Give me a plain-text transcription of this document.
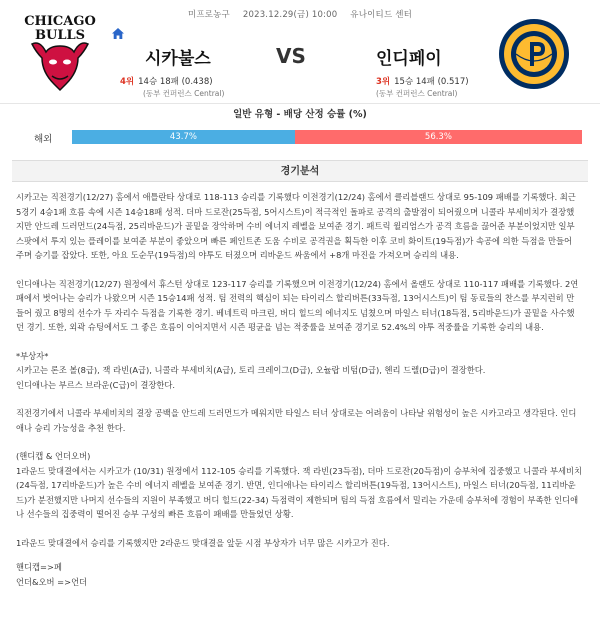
미프로농구 2023.12.29(금) 10:00 유나이티드 센터
CHICAGO
BULLS
시카불스	VS	인디페이
4위 14승 18패 (0.438)
(동부 컨퍼런스 Central)
3위 15승 14패 (0.517)
(동부 컨퍼런스 Central)
일반 유형 - 배당 산정 승률 (%)
해외	43.7%	56.3%
경기분석

시카고는 직전경기(12/27) 홈에서 애틀란타 상대로 118-113 승리를 기록했다 이전경기(12/24) 홈에서 클리블랜드 상대로 95-109 패배를 기록했다. 최근 5경기 4승1패 흐름 속에 시즌 14승18패 성적. 더마 드로잔(25득점, 5어시스트)이 적극적인 돌파로 공격의 출발점이 되어줬으며 니콜라 부세비치가 결장했지만 안드레 드러먼드(24득점, 25리바운드)가 골밑을 장악하며 수비 에너지 레벨을 보여준 경기. 패트릭 윌리엄스가 공격 흐름을 끊어준 부분이었지만 일부 스팟에서 투지 있는 플레이를 보여준 부분이 좋았으며 빠른 페인트존 도움 수비로 공격권을 획득한 이후 코비 화이트(19득점)가 속공에 의한 득점을 만들어 주며 승기를 잡았다. 또한, 아요 도순무(19득점)의 야투도 터졌으며 리바운드 싸움에서 +8개 마진을 가져오며 승리의 내용.

인디애나는 직전경기(12/27) 원정에서 휴스턴 상대로 123-117 승리를 기록했으며 이전경기(12/24) 홈에서 올랜도 상대로 110-117 패배를 기록했다. 2연패에서 벗어나는 승리가 나왔으며 시즌 15승14패 성적. 팀 전력의 핵심이 되는 타이리스 할리버튼(33득점, 13어시스트)이 팀 동료들의 찬스를 부지런히 만들어 줬고 8명의 선수가 두 자리수 득점을 기록한 경기. 베네트릭 마크린, 버디 힐드의 에너지도 넘쳤으며 마일스 터너(18득점, 5리바운드)가 골밑을 사수했던 경기. 또한, 외곽 슈팅에서도 그 좋은 흐름이 이어지면서 시즌 평균을 넘는 적중률을 보여준 경기로 52.4%의 야투 적중률을 기록한 승리의 내용.

*부상자*
시카고는 론조 볼(8급), 잭 라빈(A급), 니콜라 부세비치(A급), 토리 크레이그(D급), 오뉼랍 비텀(D급), 헨리 드렐(D급)이 결장한다.
인디애나는 부르스 브라운(C급)이 결장한다.

직전경기에서 니콜라 부세비치의 결장 공백을 안드레 드러먼드가 메워지만 타일스 터너 상대로는 어려움이 나타날 위험성이 높은 시카고라고 생각된다. 인디애나 승리 가능성을 추천 한다.

(핸디캡 & 언더오버)
1라운드 맞대결에서는 시카고가 (10/31) 원정에서 112-105 승리를 기록했다. 잭 라빈(23득점), 더마 드로잔(20득점)이 승부처에 집중했고 니콜라 부세비치(24득점, 17리바운드)가 높은 수비 에너지 레벨을 보여준 경기. 반면, 인디애나는 타이리스 할리버튼(19득점, 13어시스트), 마일스 터너(20득점, 11리바운드)가 분전했지만 나머지 선수들의 지원이 부족했고 버디 힐드(22-34) 득점력이 제한되며 팀의 득점 흐름에서 밀리는 가운데 승부처에 경험이 부족한 인디애나 선수들의 집중력이 떨어진 승부 구성의 빠른 흐름이 패배를 만들었던 상황.

1라운드 맞대결에서 승리를 기록했지만 2라운드 맞대결을 앞둔 시점 부상자가 너무 많은 시카고가 진다.

핸디캡=>페
언더&오버 =>언더
